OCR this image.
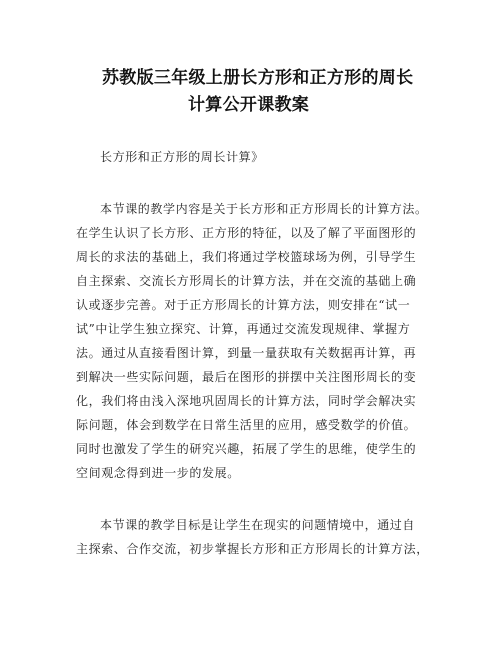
苏教版三年级上册长方形和正方形的周长
计算公开课教案
长方形和正方形的周长计算》
本节课的教学内容是关于长方形和正方形周长的计算方法。
在学生认识了长方形、正方形的特征，以及了解了平面图形的
周长的求法的基础上，我们将通过学校篮球场为例，引导学生
自主探索、交流长方形周长的计算方法，并在交流的基础上确
认或逐步完善。对于正方形周长的计算方法，则安排在“试一
试”中让学生独立探究、计算，再通过交流发现规律、掌握方
法。通过从直接看图计算，到量一量获取有关数据再计算，再
到解决一些实际问题，最后在图形的拼摆中关注图形周长的变
化，我们将由浅入深地巩固周长的计算方法，同时学会解决实
际问题，体会到数学在日常生活里的应用，感受数学的价值。
同时也激发了学生的研究兴趣，拓展了学生的思维，使学生的
空间观念得到进一步的发展。
本节课的教学目标是让学生在现实的问题情境中，通过自
主探索、合作交流，初步掌握长方形和正方形周长的计算方法，
